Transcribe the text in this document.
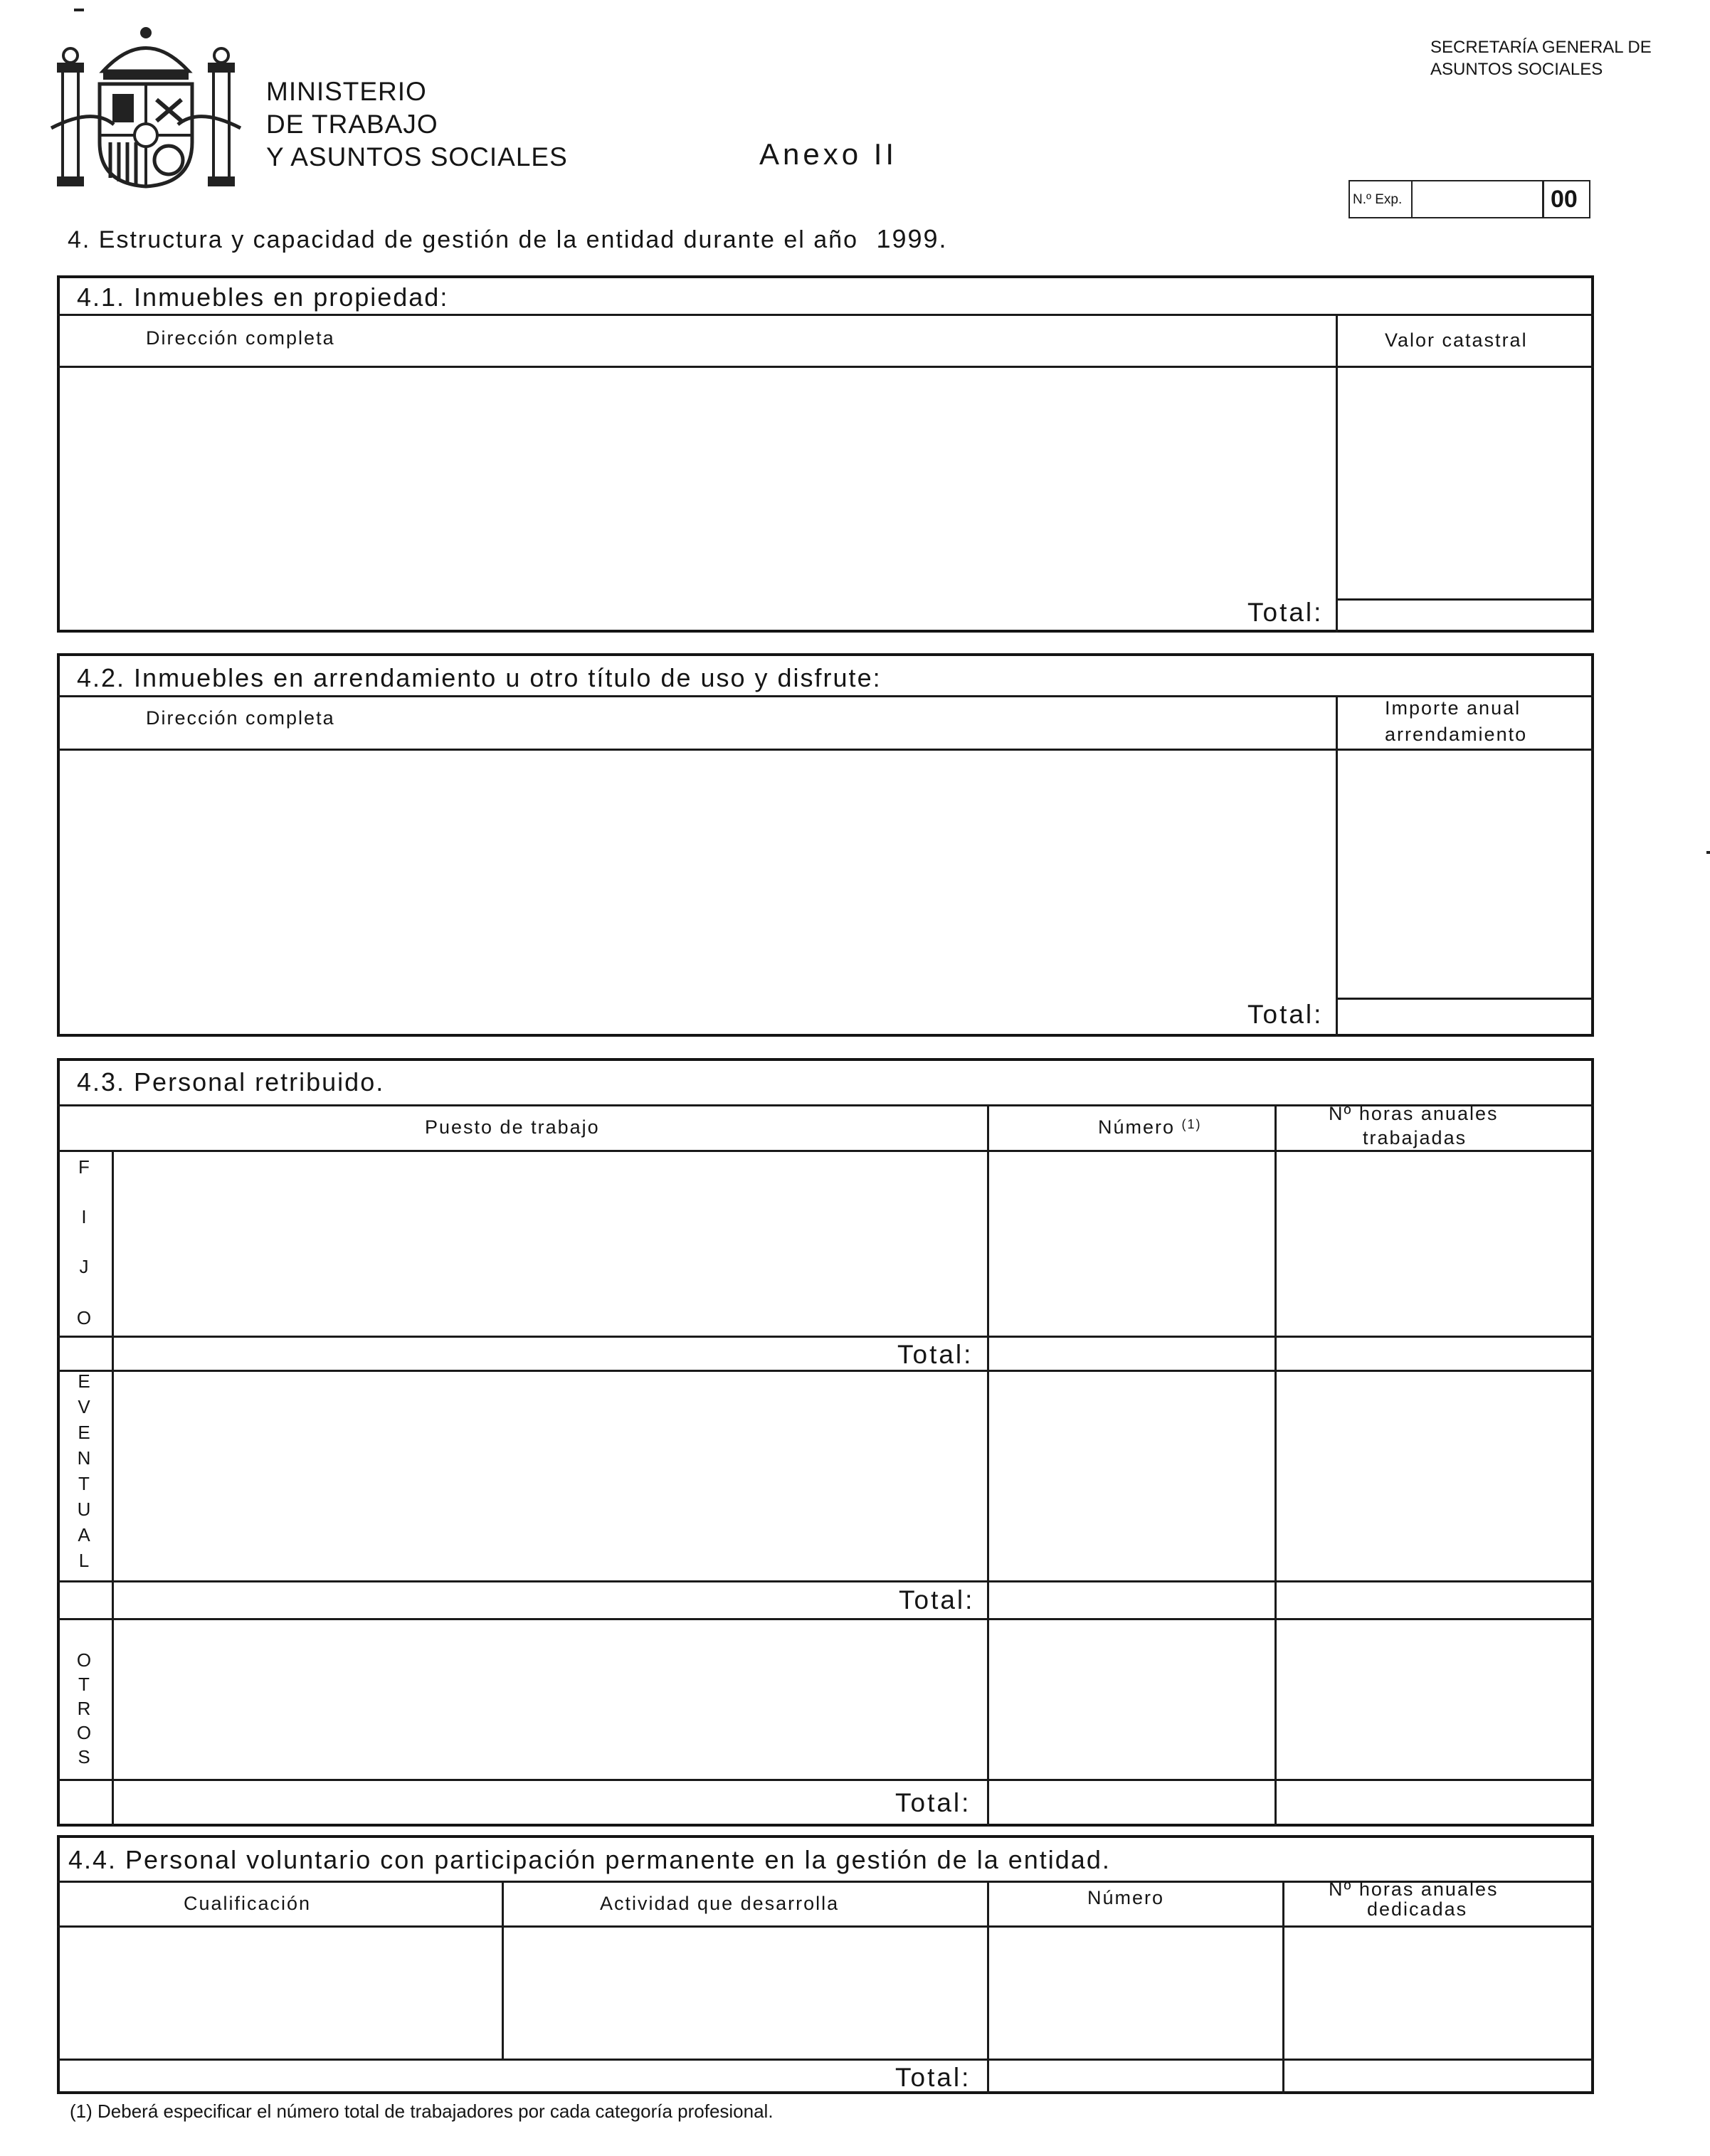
MINISTERIO
DE TRABAJO
Y ASUNTOS SOCIALES	Anexo II
SECRETARÍA GENERAL DE
ASUNTOS SOCIALES
N.º Exp.	00
4. Estructura y capacidad de gestión de la entidad durante el año 1999.
4.1. Inmuebles en propiedad:
Dirección completa	Valor catastral
Total:
4.2. Inmuebles en arrendamiento u otro título de uso y disfrute:
Dirección completa	Importe anual
arrendamiento
Total:
4.3. Personal retribuido.
Puesto de trabajo	Número $^{(1)}$	Nº horas anuales
trabajadas
F
I
J
O
E
V
E
N
T
U
A
L
O
T
R
O
S
Total:
Total:
Total:
4.4. Personal voluntario con participación permanente en la gestión de la entidad.
Cualificación	Actividad que desarrolla	Número	Nº horas anuales
dedicadas
Total:
(1) Deberá especificar el número total de trabajadores por cada categoría profesional.
